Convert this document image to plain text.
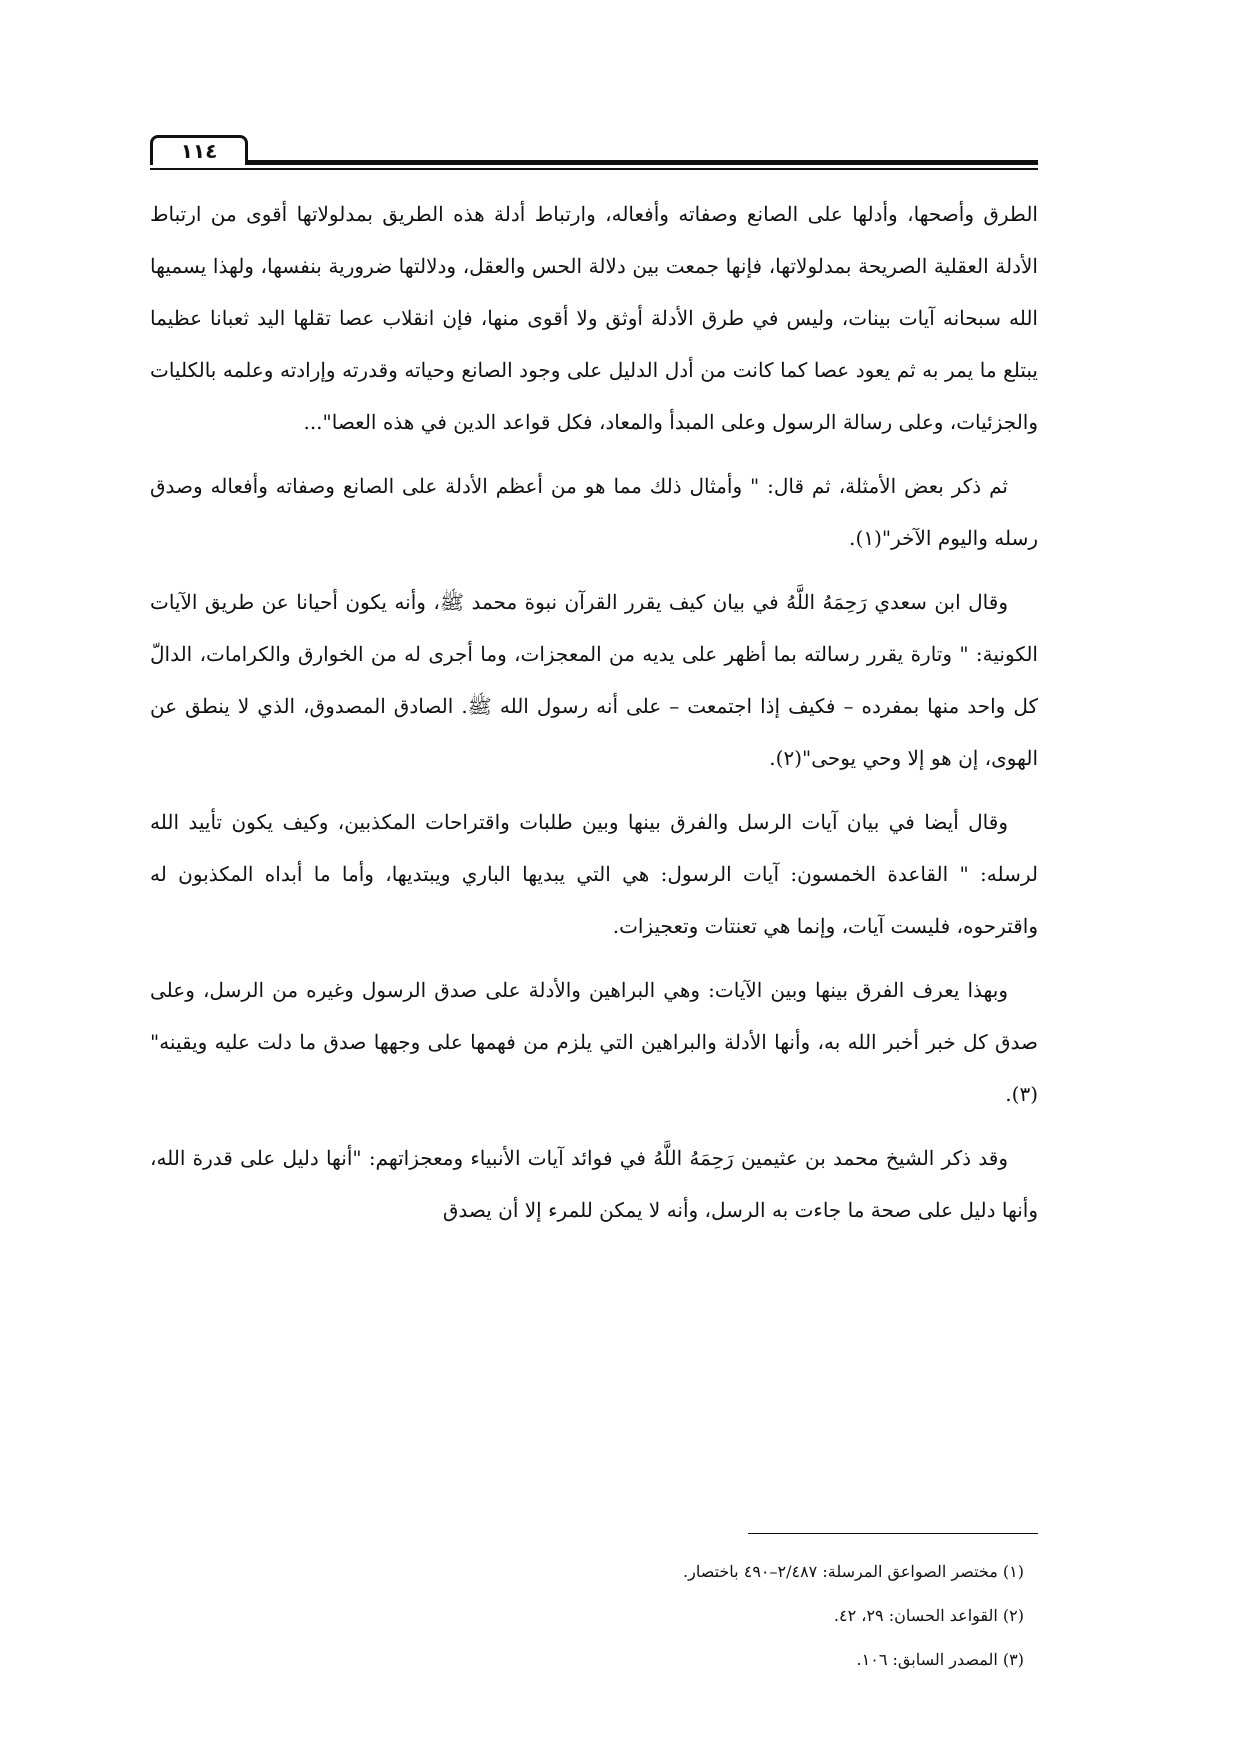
١١٤

الطرق وأصحها، وأدلها على الصانع وصفاته وأفعاله، وارتباط أدلة هذه الطريق بمدلولاتها أقوى من ارتباط الأدلة العقلية الصريحة بمدلولاتها، فإنها جمعت بين دلالة الحس والعقل، ودلالتها ضرورية بنفسها، ولهذا يسميها الله سبحانه آيات بينات، وليس في طرق الأدلة أوثق ولا أقوى منها، فإن انقلاب عصا تقلها اليد ثعبانا عظيما يبتلع ما يمر به ثم يعود عصا كما كانت من أدل الدليل على وجود الصانع وحياته وقدرته وإرادته وعلمه بالكليات والجزئيات، وعلى رسالة الرسول وعلى المبدأ والمعاد، فكل قواعد الدين في هذه العصا"...

ثم ذكر بعض الأمثلة، ثم قال: " وأمثال ذلك مما هو من أعظم الأدلة على الصانع وصفاته وأفعاله وصدق رسله واليوم الآخر"(١).

وقال ابن سعدي رَحِمَهُ اللَّهُ في بيان كيف يقرر القرآن نبوة محمد ﷺ، وأنه يكون أحيانا عن طريق الآيات الكونية: " وتارة يقرر رسالته بما أظهر على يديه من المعجزات، وما أجرى له من الخوارق والكرامات، الدالّ كل واحد منها بمفرده – فكيف إذا اجتمعت – على أنه رسول الله ﷺ. الصادق المصدوق، الذي لا ينطق عن الهوى، إن هو إلا وحي يوحى"(٢).

وقال أيضا في بيان آيات الرسل والفرق بينها وبين طلبات واقتراحات المكذبين، وكيف يكون تأييد الله لرسله: " القاعدة الخمسون: آيات الرسول: هي التي يبديها الباري ويبتديها، وأما ما أبداه المكذبون له واقترحوه، فليست آيات، وإنما هي تعنتات وتعجيزات.

وبهذا يعرف الفرق بينها وبين الآيات: وهي البراهين والأدلة على صدق الرسول وغيره من الرسل، وعلى صدق كل خبر أخبر الله به، وأنها الأدلة والبراهين التي يلزم من فهمها على وجهها صدق ما دلت عليه ويقينه"(٣).

وقد ذكر الشيخ محمد بن عثيمين رَحِمَهُ اللَّهُ في فوائد آيات الأنبياء ومعجزاتهم: "أنها دليل على قدرة الله، وأنها دليل على صحة ما جاءت به الرسل، وأنه لا يمكن للمرء إلا أن يصدق

(١) مختصر الصواعق المرسلة: ٢/٤٨٧–٤٩٠ باختصار.
(٢) القواعد الحسان: ٢٩، ٤٢.
(٣) المصدر السابق: ١٠٦.
